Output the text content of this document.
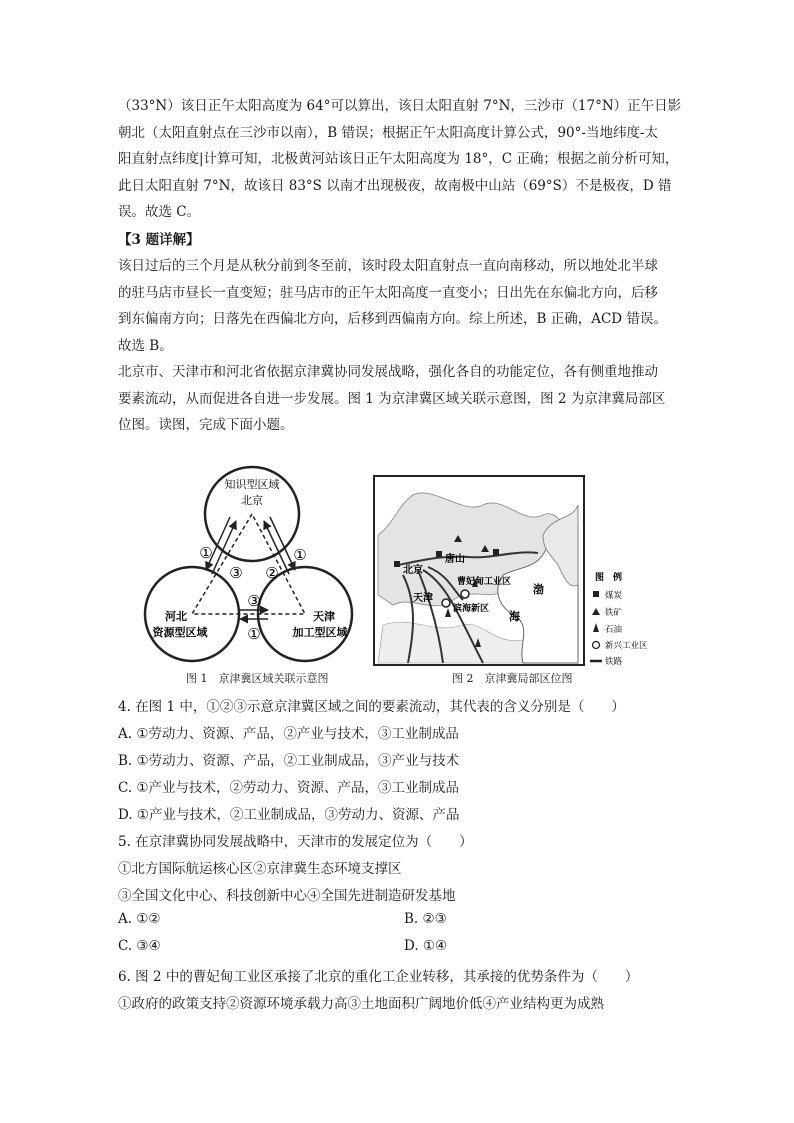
（33°N）该日正午太阳高度为 64°可以算出，该日太阳直射 7°N，三沙市（17°N）正午日影
朝北（太阳直射点在三沙市以南），B 错误；根据正午太阳高度计算公式，90°-当地纬度-太
阳直射点纬度|计算可知，北极黄河站该日正午太阳高度为 18°，C 正确；根据之前分析可知，
此日太阳直射 7°N，故该日 83°S 以南才出现极夜，故南极中山站（69°S）不是极夜，D 错
误。故选 C。
【3 题详解】
该日过后的三个月是从秋分前到冬至前，该时段太阳直射点一直向南移动，所以地处北半球
的驻马店市昼长一直变短；驻马店市的正午太阳高度一直变小；日出先在东偏北方向，后移
到东偏南方向；日落先在西偏北方向，后移到西偏南方向。综上所述，B 正确，ACD 错误。
故选 B。
北京市、天津市和河北省依据京津冀协同发展战略，强化各自的功能定位，各有侧重地推动
要素流动，从而促进各自进一步发展。图 1 为京津冀区域关联示意图，图 2 为京津冀局部区
位图。读图，完成下面小题。
知识型区域
北京
河北
资源型区域
天津
加工型区域
①
③ ②
①
③
①
图 1　京津冀区域关联示意图
北京
唐山
曹妃甸工业区
天津
滨海新区
渤
海
图　例
煤炭
铁矿
石油
新兴工业区
铁路
图 2　京津冀局部区位图
4. 在图 1 中，①②③示意京津冀区域之间的要素流动，其代表的含义分别是（　　）
A. ①劳动力、资源、产品，②产业与技术，③工业制成品
B. ①劳动力、资源、产品，②工业制成品，③产业与技术
C. ①产业与技术，②劳动力、资源、产品，③工业制成品
D. ①产业与技术，②工业制成品，③劳动力、资源、产品
5. 在京津冀协同发展战略中，天津市的发展定位为（　　）
①北方国际航运核心区②京津冀生态环境支撑区
③全国文化中心、科技创新中心④全国先进制造研发基地
A. ①②	B. ②③
C. ③④	D. ①④
6. 图 2 中的曹妃甸工业区承接了北京的重化工企业转移，其承接的优势条件为（　　）
①政府的政策支持②资源环境承载力高③土地面积广阔地价低④产业结构更为成熟
